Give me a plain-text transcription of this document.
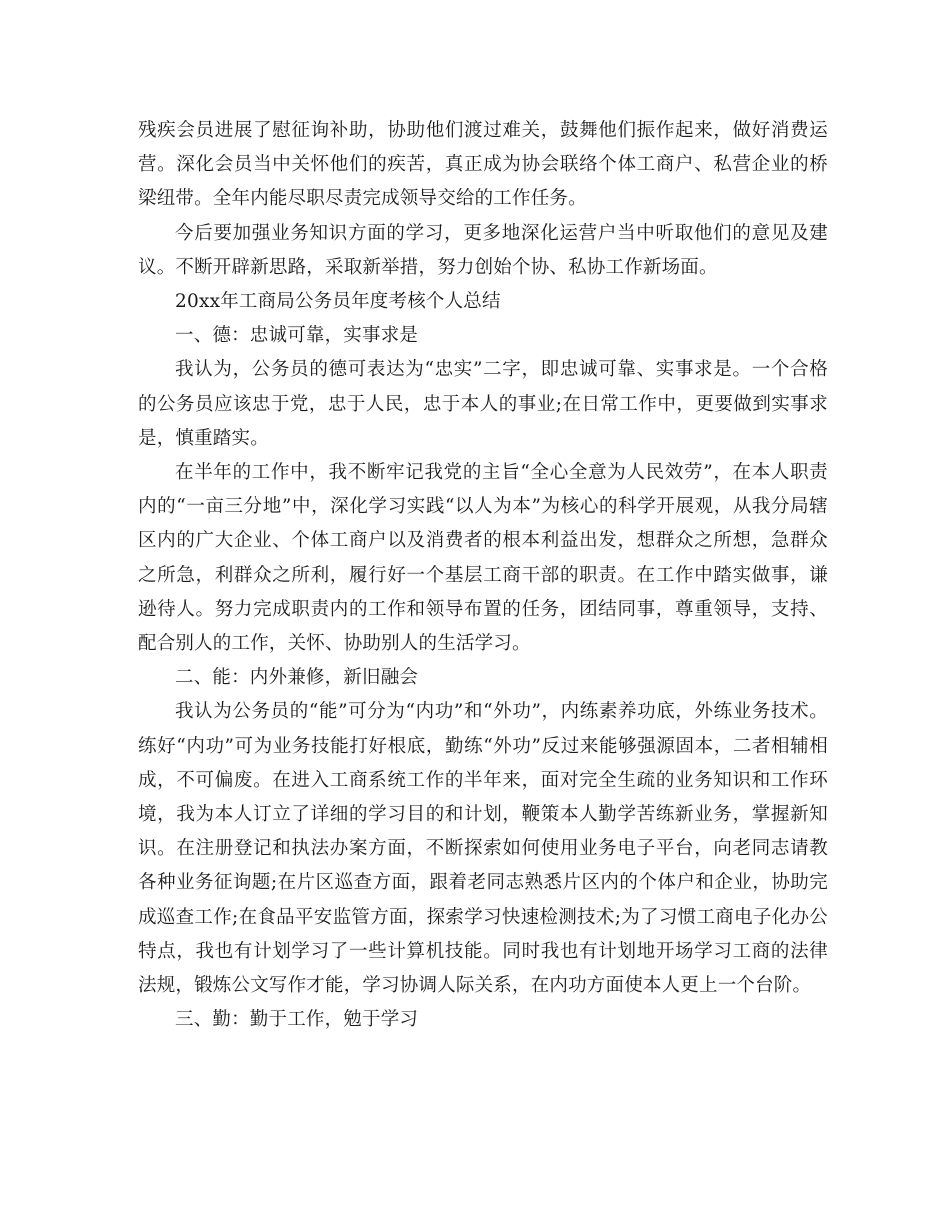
残疾会员进展了慰征询补助，协助他们渡过难关，鼓舞他们振作起来，做好消费运营。深化会员当中关怀他们的疾苦，真正成为协会联络个体工商户、私营企业的桥梁纽带。全年内能尽职尽责完成领导交给的工作任务。

今后要加强业务知识方面的学习，更多地深化运营户当中听取他们的意见及建议。不断开辟新思路，采取新举措，努力创始个协、私协工作新场面。

20xx年工商局公务员年度考核个人总结

一、德：忠诚可靠，实事求是

我认为，公务员的德可表达为“忠实”二字，即忠诚可靠、实事求是。一个合格的公务员应该忠于党，忠于人民，忠于本人的事业;在日常工作中，更要做到实事求是，慎重踏实。

在半年的工作中，我不断牢记我党的主旨“全心全意为人民效劳”，在本人职责内的“一亩三分地”中，深化学习实践“以人为本”为核心的科学开展观，从我分局辖区内的广大企业、个体工商户以及消费者的根本利益出发，想群众之所想，急群众之所急，利群众之所利，履行好一个基层工商干部的职责。在工作中踏实做事，谦逊待人。努力完成职责内的工作和领导布置的任务，团结同事，尊重领导，支持、配合别人的工作，关怀、协助别人的生活学习。

二、能：内外兼修，新旧融会

我认为公务员的“能”可分为“内功”和“外功”，内练素养功底，外练业务技术。练好“内功”可为业务技能打好根底，勤练“外功”反过来能够强源固本，二者相辅相成，不可偏废。在进入工商系统工作的半年来，面对完全生疏的业务知识和工作环境，我为本人订立了详细的学习目的和计划，鞭策本人勤学苦练新业务，掌握新知识。在注册登记和执法办案方面，不断探索如何使用业务电子平台，向老同志请教各种业务征询题;在片区巡查方面，跟着老同志熟悉片区内的个体户和企业，协助完成巡查工作;在食品平安监管方面，探索学习快速检测技术;为了习惯工商电子化办公特点，我也有计划学习了一些计算机技能。同时我也有计划地开场学习工商的法律法规，锻炼公文写作才能，学习协调人际关系，在内功方面使本人更上一个台阶。

三、勤：勤于工作，勉于学习
